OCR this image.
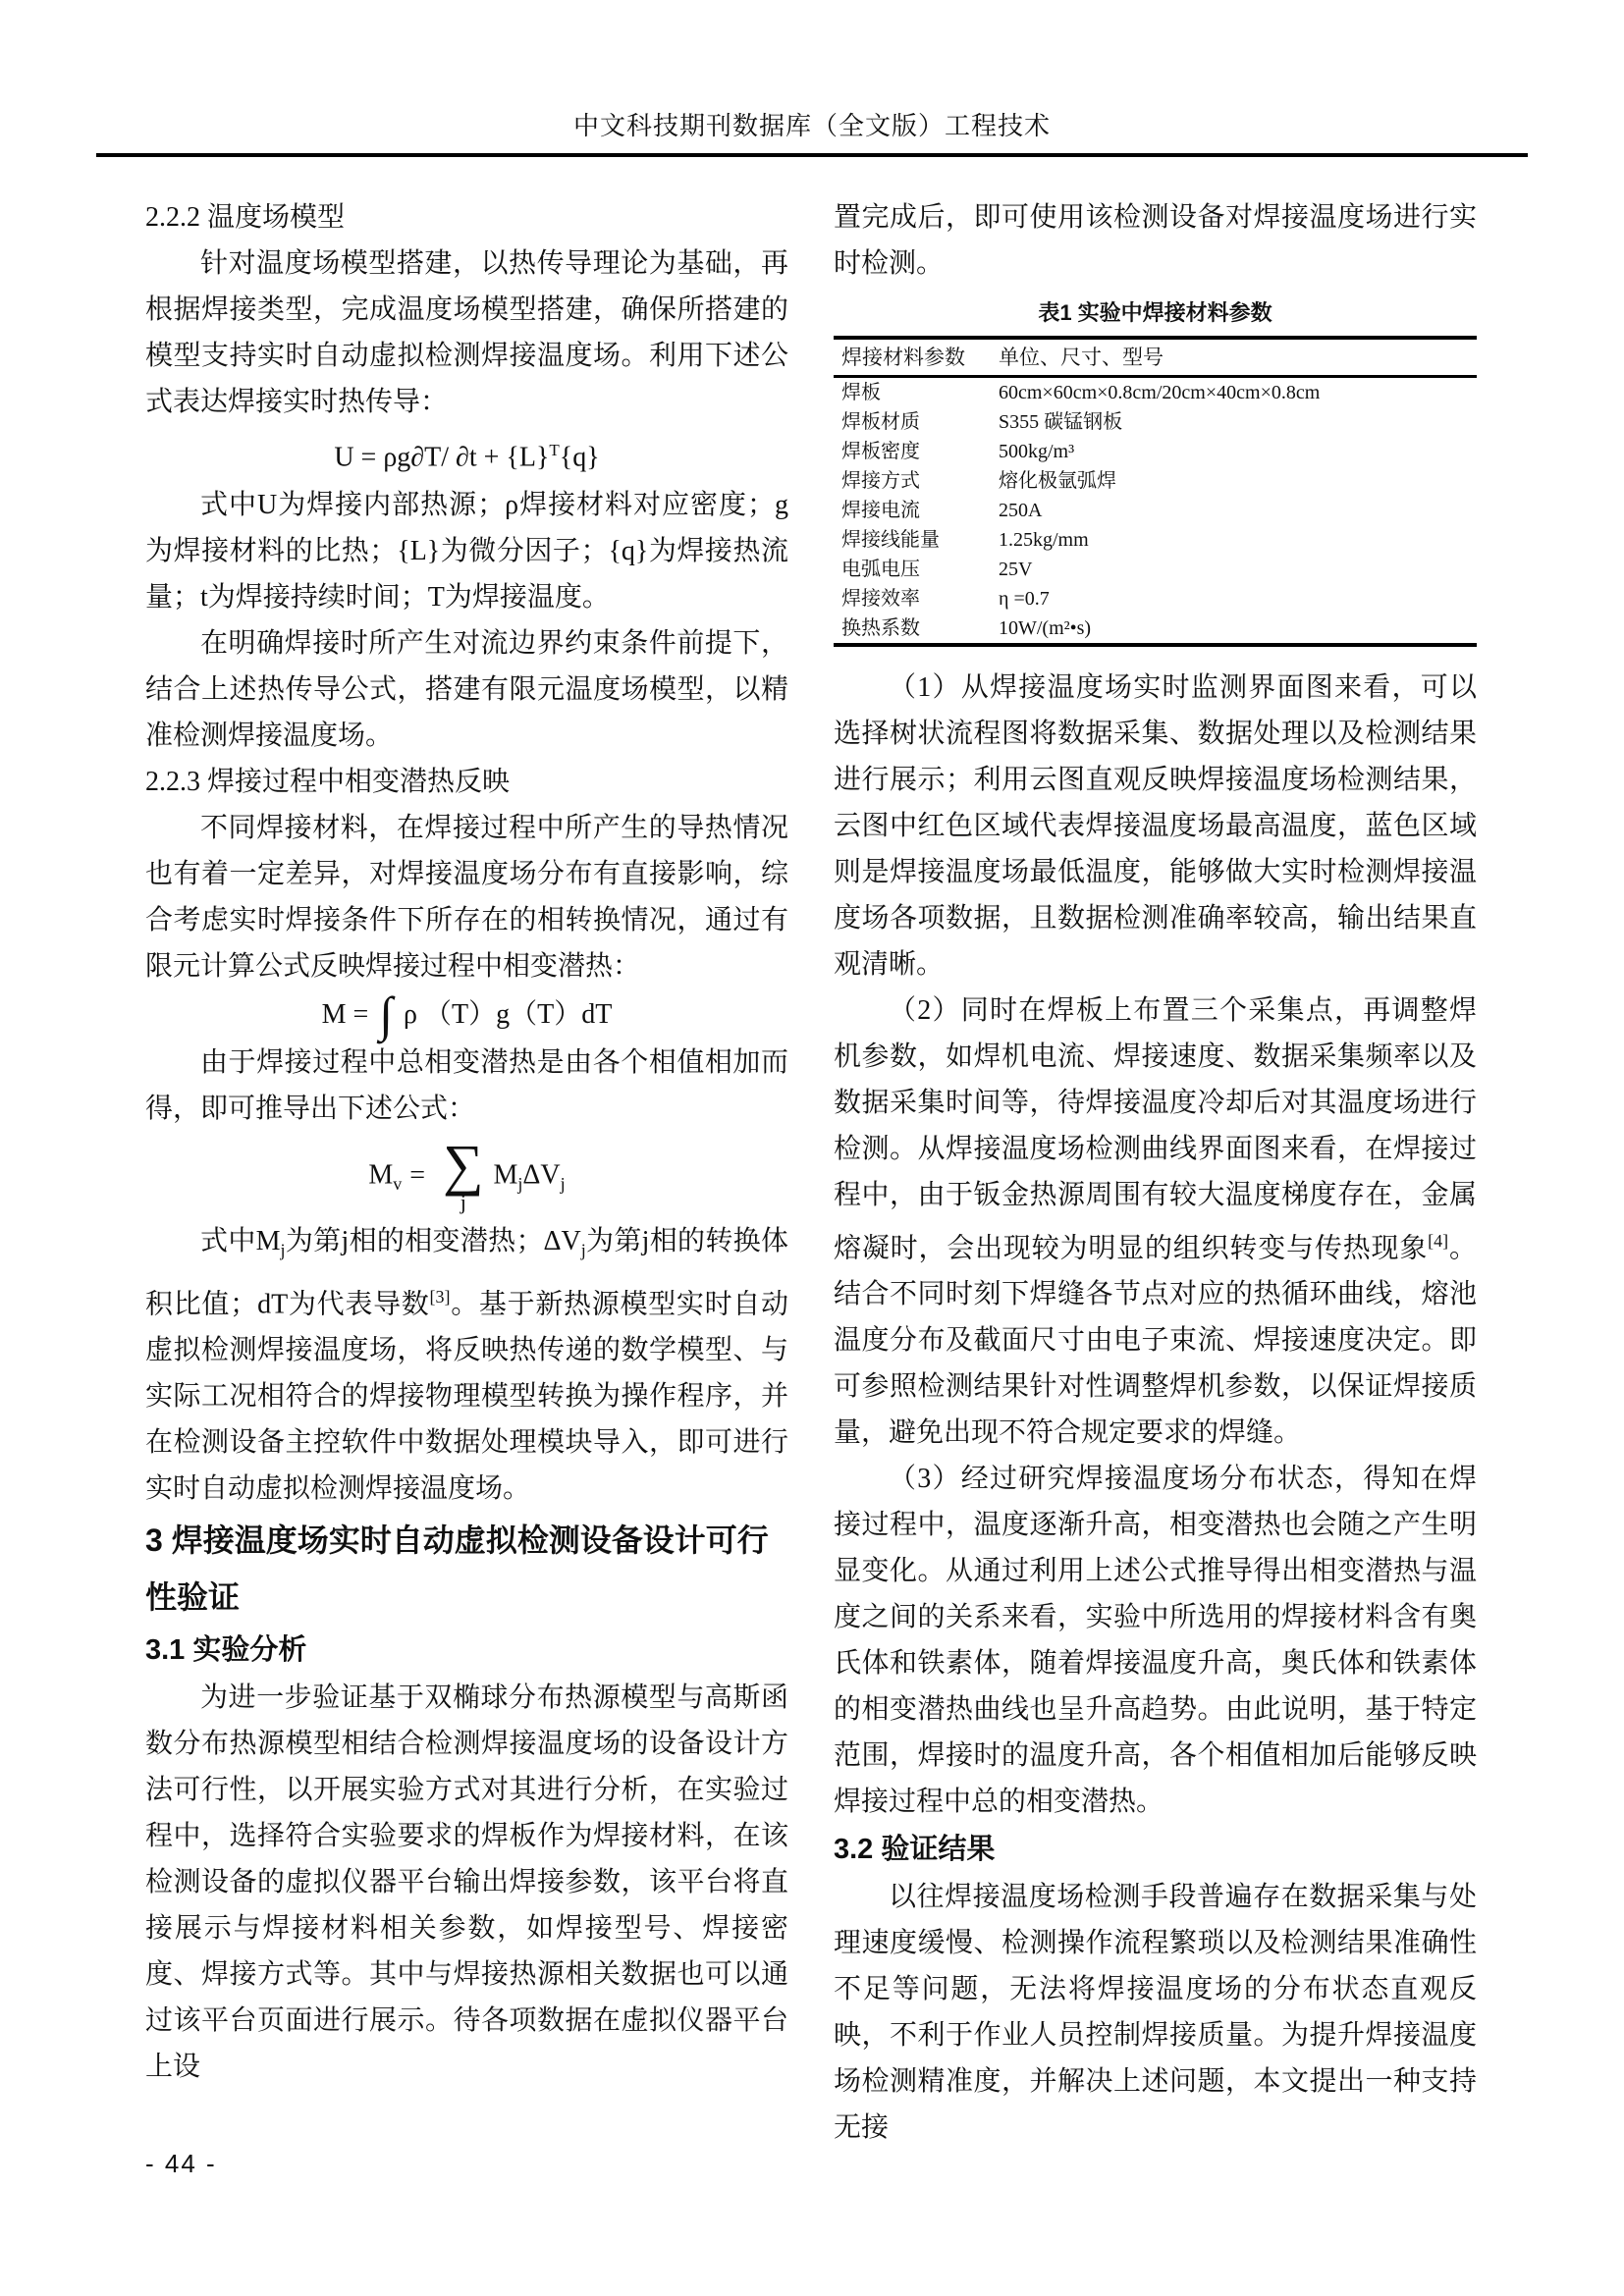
中文科技期刊数据库（全文版）工程技术

2.2.2 温度场模型

针对温度场模型搭建，以热传导理论为基础，再根据焊接类型，完成温度场模型搭建，确保所搭建的模型支持实时自动虚拟检测焊接温度场。利用下述公式表达焊接实时热传导：

U = ρg∂T/ $\partial t + \{L\}^T\{q\}$

式中U为焊接内部热源；ρ焊接材料对应密度；g为焊接材料的比热；{L}为微分因子；{q}为焊接热流量；t为焊接持续时间；T为焊接温度。

在明确焊接时所产生对流边界约束条件前提下，结合上述热传导公式，搭建有限元温度场模型，以精准检测焊接温度场。

2.2.3 焊接过程中相变潜热反映

不同焊接材料，在焊接过程中所产生的导热情况也有着一定差异，对焊接温度场分布有直接影响，综合考虑实时焊接条件下所存在的相转换情况，通过有限元计算公式反映焊接过程中相变潜热：

M = ∫ ρ （T）g（T）dT

由于焊接过程中总相变潜热是由各个相值相加而得，即可推导出下述公式：

$M_v$ = ∑
j
$M_j\Delta V_j$

式中$M_j$为第j相的相变潜热；$\Delta V_j$为第j相的转换体积比值；dT为代表导数[3]。基于新热源模型实时自动虚拟检测焊接温度场，将反映热传递的数学模型、与实际工况相符合的焊接物理模型转换为操作程序，并在检测设备主控软件中数据处理模块导入，即可进行实时自动虚拟检测焊接温度场。

3 焊接温度场实时自动虚拟检测设备设计可行性验证

3.1 实验分析

为进一步验证基于双椭球分布热源模型与高斯函数分布热源模型相结合检测焊接温度场的设备设计方法可行性，以开展实验方式对其进行分析，在实验过程中，选择符合实验要求的焊板作为焊接材料，在该检测设备的虚拟仪器平台输出焊接参数，该平台将直接展示与焊接材料相关参数，如焊接型号、焊接密度、焊接方式等。其中与焊接热源相关数据也可以通过该平台页面进行展示。待各项数据在虚拟仪器平台上设

置完成后，即可使用该检测设备对焊接温度场进行实时检测。

表1 实验中焊接材料参数
焊接材料参数	单位、尺寸、型号
焊板	60cm×60cm×0.8cm/20cm×40cm×0.8cm
焊板材质	S355 碳锰钢板
焊板密度	500kg/m³
焊接方式	熔化极氩弧焊
焊接电流	250A
焊接线能量	1.25kg/mm
电弧电压	25V
焊接效率	η =0.7
换热系数	10W/(m²•s)

（1）从焊接温度场实时监测界面图来看，可以选择树状流程图将数据采集、数据处理以及检测结果进行展示；利用云图直观反映焊接温度场检测结果，云图中红色区域代表焊接温度场最高温度，蓝色区域则是焊接温度场最低温度，能够做大实时检测焊接温度场各项数据，且数据检测准确率较高，输出结果直观清晰。

（2）同时在焊板上布置三个采集点，再调整焊机参数，如焊机电流、焊接速度、数据采集频率以及数据采集时间等，待焊接温度冷却后对其温度场进行检测。从焊接温度场检测曲线界面图来看，在焊接过程中，由于钣金热源周围有较大温度梯度存在，金属熔凝时，会出现较为明显的组织转变与传热现象[4]。结合不同时刻下焊缝各节点对应的热循环曲线，熔池温度分布及截面尺寸由电子束流、焊接速度决定。即可参照检测结果针对性调整焊机参数，以保证焊接质量，避免出现不符合规定要求的焊缝。

（3）经过研究焊接温度场分布状态，得知在焊接过程中，温度逐渐升高，相变潜热也会随之产生明显变化。从通过利用上述公式推导得出相变潜热与温度之间的关系来看，实验中所选用的焊接材料含有奥氏体和铁素体，随着焊接温度升高，奥氏体和铁素体的相变潜热曲线也呈升高趋势。由此说明，基于特定范围，焊接时的温度升高，各个相值相加后能够反映焊接过程中总的相变潜热。

3.2 验证结果

以往焊接温度场检测手段普遍存在数据采集与处理速度缓慢、检测操作流程繁琐以及检测结果准确性不足等问题，无法将焊接温度场的分布状态直观反映，不利于作业人员控制焊接质量。为提升焊接温度场检测精准度，并解决上述问题，本文提出一种支持无接

- 44 -
